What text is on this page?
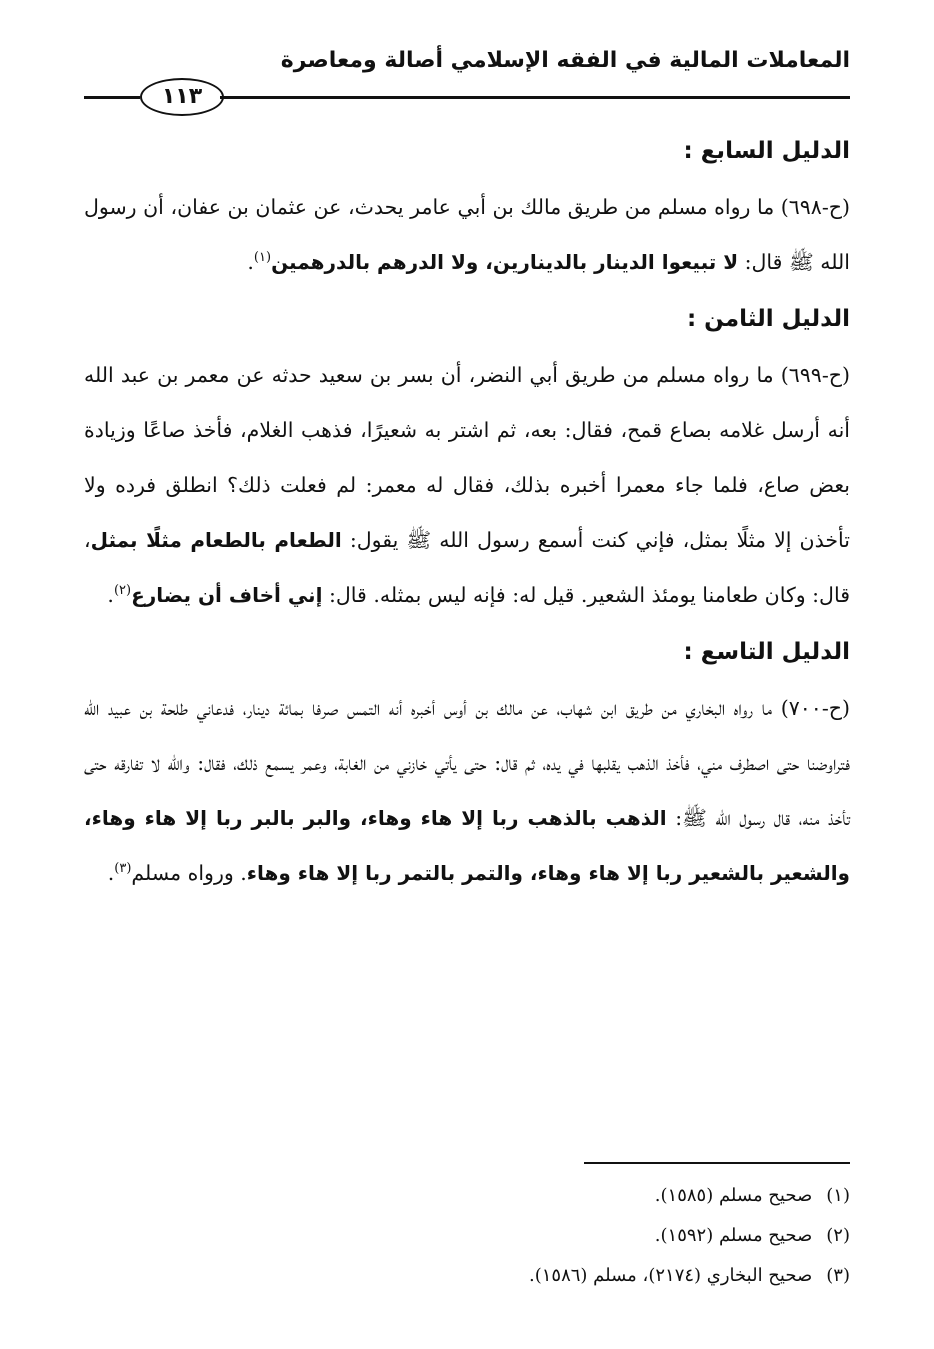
المعاملات المالية في الفقه الإسلامي أصالة ومعاصرة
١١٣
الدليل السابع :

(ح-٦٩٨) ما رواه مسلم من طريق مالك بن أبي عامر يحدث، عن عثمان بن عفان، أن رسول الله ﷺ قال: لا تبيعوا الدينار بالدينارين، ولا الدرهم بالدرهمين$^{(١)}$.

الدليل الثامن :

(ح-٦٩٩) ما رواه مسلم من طريق أبي النضر، أن بسر بن سعيد حدثه عن معمر بن عبد الله أنه أرسل غلامه بصاع قمح، فقال: بعه، ثم اشتر به شعيرًا، فذهب الغلام، فأخذ صاعًا وزيادة بعض صاع، فلما جاء معمرا أخبره بذلك، فقال له معمر: لم فعلت ذلك؟ انطلق فرده ولا تأخذن إلا مثلًا بمثل، فإني كنت أسمع رسول الله ﷺ يقول: الطعام بالطعام مثلًا بمثل، قال: وكان طعامنا يومئذ الشعير. قيل له: فإنه ليس بمثله. قال: إني أخاف أن يضارع$^{(٢)}$.

الدليل التاسع :

(ح-٧٠٠) ما رواه البخاري من طريق ابن شهاب، عن مالك بن أوس أخبره أنه التمس صرفا بمائة دينار، فدعاني طلحة بن عبيد الله فتراوضنا حتى اصطرف مني، فأخذ الذهب يقلبها في يده، ثم قال: حتى يأتي خازني من الغابة، وعمر يسمع ذلك، فقال: والله لا تفارقه حتى تأخذ منه، قال رسول الله ﷺ: الذهب بالذهب ربا إلا هاء وهاء، والبر بالبر ربا إلا هاء وهاء، والشعير بالشعير ربا إلا هاء وهاء، والتمر بالتمر ربا إلا هاء وهاء. ورواه مسلم$^{(٣)}$.

(١)صحيح مسلم (١٥٨٥).
(٢)صحيح مسلم (١٥٩٢).
(٣)صحيح البخاري (٢١٧٤)، مسلم (١٥٨٦).
